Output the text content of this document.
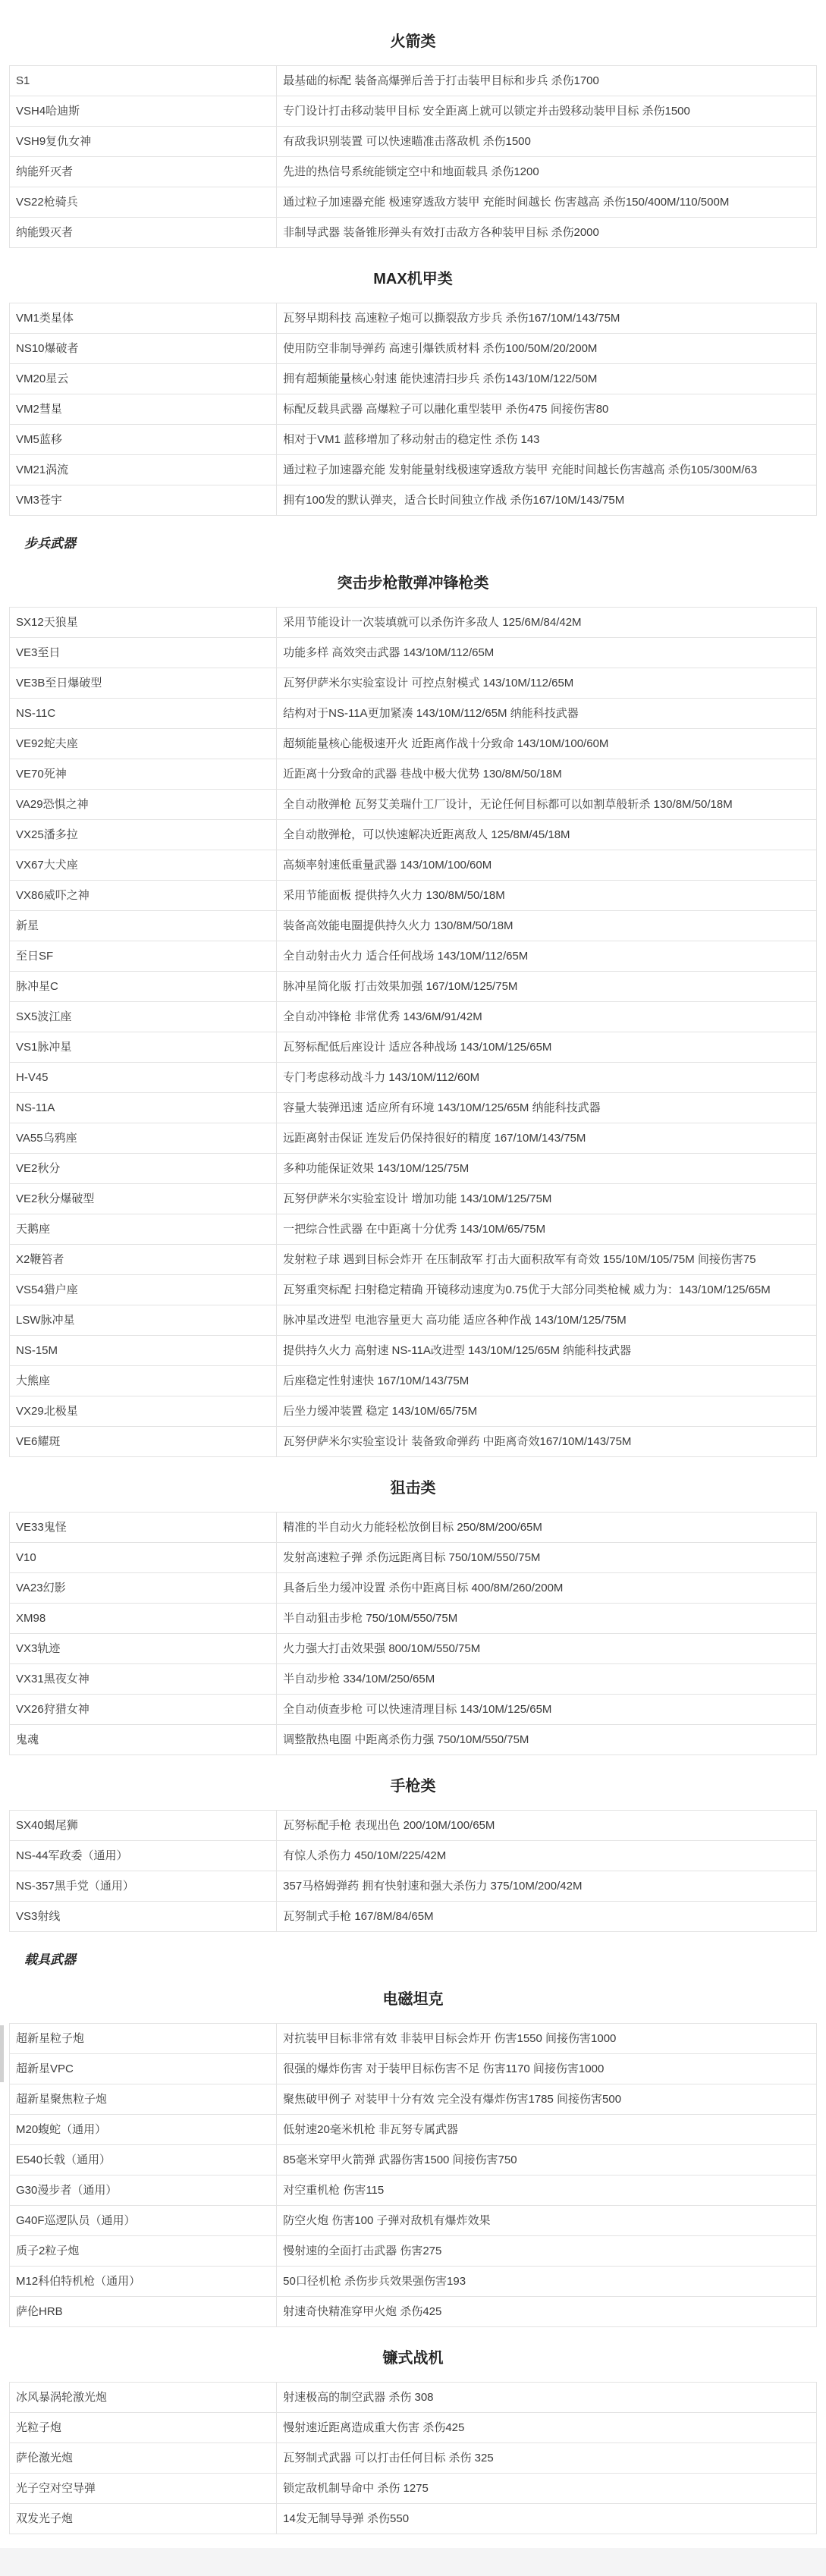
火箭类
S1	最基础的标配 装备高爆弹后善于打击装甲目标和步兵 杀伤1700
VSH4哈迪斯	专门设计打击移动装甲目标 安全距离上就可以锁定并击毁移动装甲目标 杀伤1500
VSH9复仇女神	有敌我识别装置 可以快速瞄准击落敌机 杀伤1500
纳能歼灭者	先进的热信号系统能锁定空中和地面载具 杀伤1200
VS22枪骑兵	通过粒子加速器充能 极速穿透敌方装甲 充能时间越长 伤害越高 杀伤150/400M/110/500M
纳能毁灭者	非制导武器 装备锥形弹头有效打击敌方各种装甲目标 杀伤2000
MAX机甲类
VM1类星体	瓦努早期科技 高速粒子炮可以撕裂敌方步兵 杀伤167/10M/143/75M
NS10爆破者	使用防空非制导弹药 高速引爆铁质材料 杀伤100/50M/20/200M
VM20星云	拥有超频能量核心射速 能快速清扫步兵 杀伤143/10M/122/50M
VM2彗星	标配反载具武器 高爆粒子可以融化重型装甲 杀伤475 间接伤害80
VM5蓝移	相对于VM1 蓝移增加了移动射击的稳定性 杀伤 143
VM21涡流	通过粒子加速器充能 发射能量射线极速穿透敌方装甲 充能时间越长伤害越高 杀伤105/300M/63
VM3苍宇	拥有100发的默认弹夹，适合长时间独立作战 杀伤167/10M/143/75M
步兵武器
突击步枪散弹冲锋枪类
SX12天狼星	采用节能设计一次装填就可以杀伤许多敌人 125/6M/84/42M
VE3至日	功能多样 高效突击武器 143/10M/112/65M
VE3B至日爆破型	瓦努伊萨米尔实验室设计 可控点射模式 143/10M/112/65M
NS-11C	结构对于NS-11A更加紧凑 143/10M/112/65M 纳能科技武器
VE92蛇夫座	超频能量核心能极速开火 近距离作战十分致命 143/10M/100/60M
VE70死神	近距离十分致命的武器 巷战中极大优势 130/8M/50/18M
VA29恐惧之神	全自动散弹枪 瓦努艾美瑞什工厂设计，无论任何目标都可以如割草般斩杀 130/8M/50/18M
VX25潘多拉	全自动散弹枪，可以快速解决近距离敌人 125/8M/45/18M
VX67大犬座	高频率射速低重量武器 143/10M/100/60M
VX86威吓之神	采用节能面板 提供持久火力 130/8M/50/18M
新星	装备高效能电圈提供持久火力 130/8M/50/18M
至日SF	全自动射击火力 适合任何战场 143/10M/112/65M
脉冲星C	脉冲星简化版 打击效果加强 167/10M/125/75M
SX5波江座	全自动冲锋枪 非常优秀 143/6M/91/42M
VS1脉冲星	瓦努标配低后座设计 适应各种战场 143/10M/125/65M
H-V45	专门考虑移动战斗力 143/10M/112/60M
NS-11A	容量大装弹迅速 适应所有环境 143/10M/125/65M 纳能科技武器
VA55乌鸦座	远距离射击保证 连发后仍保持很好的精度 167/10M/143/75M
VE2秋分	多种功能保证效果 143/10M/125/75M
VE2秋分爆破型	瓦努伊萨米尔实验室设计 增加功能 143/10M/125/75M
天鹅座	一把综合性武器 在中距离十分优秀 143/10M/65/75M
X2鞭笞者	发射粒子球 遇到目标会炸开 在压制敌军 打击大面积敌军有奇效 155/10M/105/75M 间接伤害75
VS54猎户座	瓦努重突标配 扫射稳定精确 开镜移动速度为0.75优于大部分同类枪械 威力为：143/10M/125/65M
LSW脉冲星	脉冲星改进型 电池容量更大 高功能 适应各种作战 143/10M/125/75M
NS-15M	提供持久火力 高射速 NS-11A改进型 143/10M/125/65M 纳能科技武器
大熊座	后座稳定性射速快 167/10M/143/75M
VX29北极星	后坐力缓冲装置 稳定 143/10M/65/75M
VE6耀斑	瓦努伊萨米尔实验室设计 装备致命弹药 中距离奇效167/10M/143/75M
狙击类
VE33鬼怪	精准的半自动火力能轻松放倒目标 250/8M/200/65M
V10	发射高速粒子弹 杀伤远距离目标 750/10M/550/75M
VA23幻影	具备后坐力缓冲设置 杀伤中距离目标 400/8M/260/200M
XM98	半自动狙击步枪 750/10M/550/75M
VX3轨迹	火力强大打击效果强 800/10M/550/75M
VX31黑夜女神	半自动步枪 334/10M/250/65M
VX26狩猎女神	全自动侦查步枪 可以快速清理目标 143/10M/125/65M
鬼魂	调整散热电圈 中距离杀伤力强 750/10M/550/75M
手枪类
SX40蝎尾狮	瓦努标配手枪 表现出色 200/10M/100/65M
NS-44军政委（通用）	有惊人杀伤力 450/10M/225/42M
NS-357黑手党（通用）	357马格姆弹药 拥有快射速和强大杀伤力 375/10M/200/42M
VS3射线	瓦努制式手枪 167/8M/84/65M
载具武器
电磁坦克
超新星粒子炮	对抗装甲目标非常有效 非装甲目标会炸开 伤害1550 间接伤害1000
超新星VPC	很强的爆炸伤害 对于装甲目标伤害不足 伤害1170 间接伤害1000
超新星聚焦粒子炮	聚焦破甲例子 对装甲十分有效 完全没有爆炸伤害1785 间接伤害500
M20蝮蛇（通用）	低射速20毫米机枪 非瓦努专属武器
E540长戟（通用）	85毫米穿甲火箭弹 武器伤害1500 间接伤害750
G30漫步者（通用）	对空重机枪 伤害115
G40F巡逻队员（通用）	防空火炮 伤害100 子弹对敌机有爆炸效果
质子2粒子炮	慢射速的全面打击武器 伤害275
M12科伯特机枪（通用）	50口径机枪 杀伤步兵效果强伤害193
萨伦HRB	射速奇快精准穿甲火炮 杀伤425
镰式战机
冰风暴涡轮激光炮	射速极高的制空武器 杀伤 308
光粒子炮	慢射速近距离造成重大伤害 杀伤425
萨伦激光炮	瓦努制式武器 可以打击任何目标 杀伤 325
光子空对空导弹	锁定敌机制导命中 杀伤 1275
双发光子炮	14发无制导导弹 杀伤550
